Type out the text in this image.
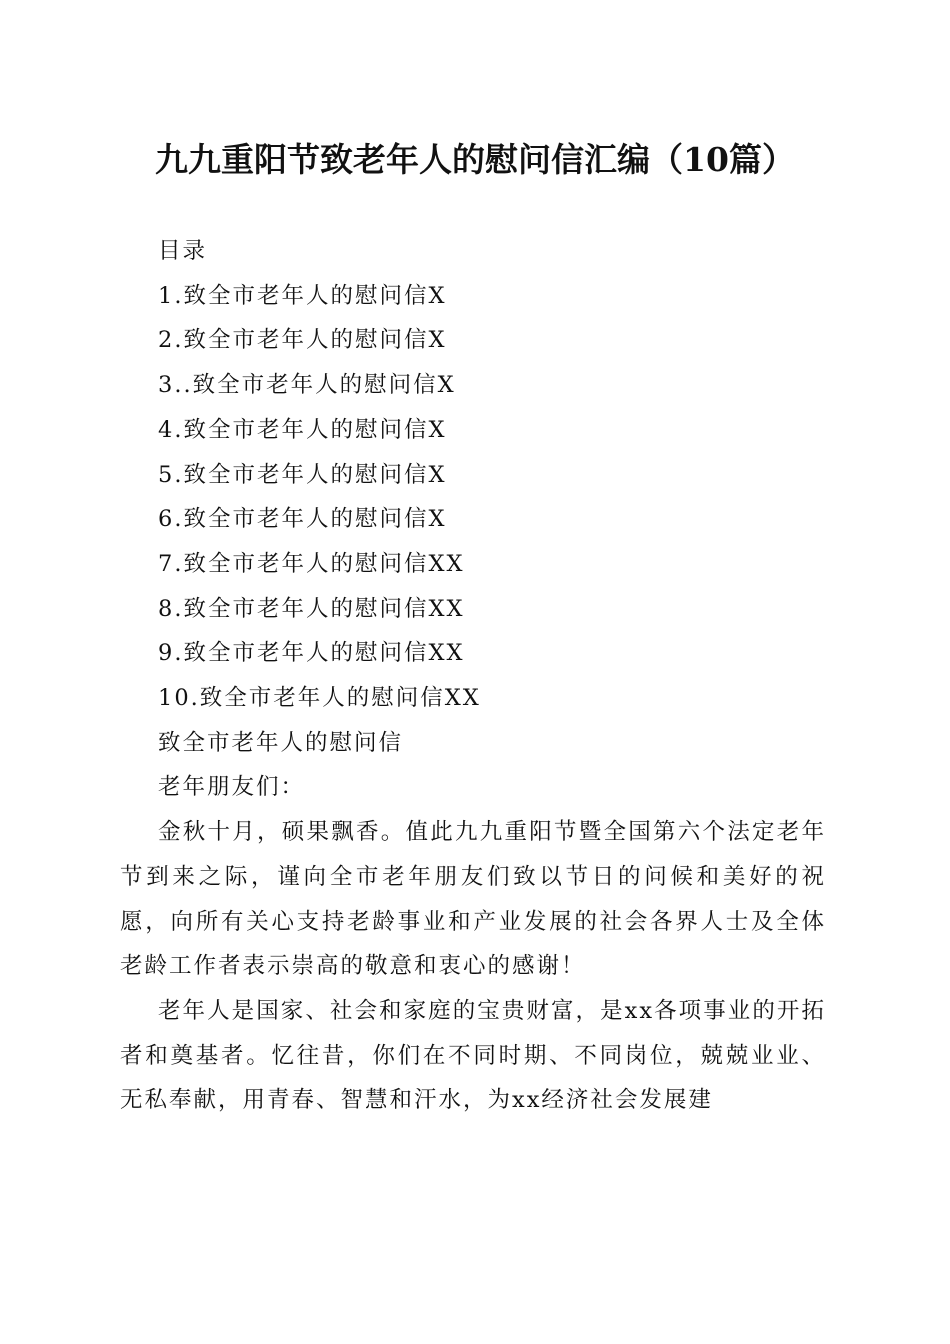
九九重阳节致老年人的慰问信汇编（10篇）
目录
1.致全市老年人的慰问信X
2.致全市老年人的慰问信X
3..致全市老年人的慰问信X
4.致全市老年人的慰问信X
5.致全市老年人的慰问信X
6.致全市老年人的慰问信X
7.致全市老年人的慰问信XX
8.致全市老年人的慰问信XX
9.致全市老年人的慰问信XX
10.致全市老年人的慰问信XX
致全市老年人的慰问信
老年朋友们：

金秋十月，硕果飘香。值此九九重阳节暨全国第六个法定老年节到来之际，谨向全市老年朋友们致以节日的问候和美好的祝愿，向所有关心支持老龄事业和产业发展的社会各界人士及全体老龄工作者表示崇高的敬意和衷心的感谢！

老年人是国家、社会和家庭的宝贵财富，是xx各项事业的开拓者和奠基者。忆往昔，你们在不同时期、不同岗位，兢兢业业、无私奉献，用青春、智慧和汗水，为xx经济社会发展建
